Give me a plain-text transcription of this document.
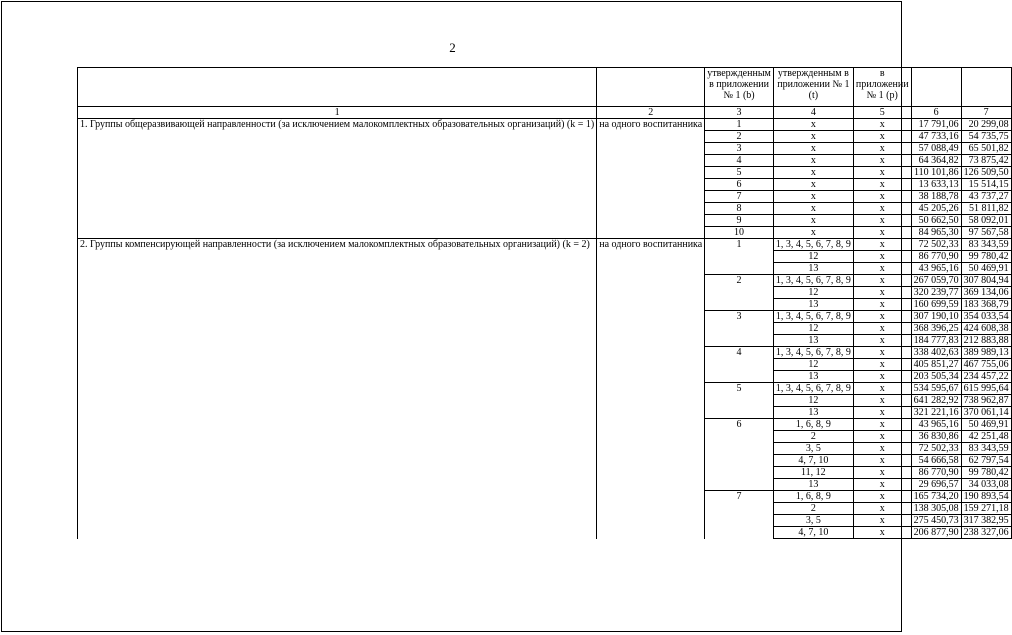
2
		утвержденным в приложении № 1 (b)	утвержденным в приложении № 1 (t)	в приложении № 1 (p)		
1	2	3	4	5	6	7
1. Группы общеразвивающей направленности (за исключением малокомплектных образовательных организаций) (k = 1)	на одного воспитанника	1	x	x	17 791,06	20 299,08
		2	x	x	47 733,16	54 735,75
		3	x	x	57 088,49	65 501,82
		4	x	x	64 364,82	73 875,42
		5	x	x	110 101,86	126 509,50
		6	x	x	13 633,13	15 514,15
		7	x	x	38 188,78	43 737,27
		8	x	x	45 205,26	51 811,82
		9	x	x	50 662,50	58 092,01
		10	x	x	84 965,30	97 567,58
2. Группы компенсирующей направленности (за исключением малокомплектных образовательных организаций) (k = 2)	на одного воспитанника	1	1, 3, 4, 5, 6, 7, 8, 9	x	72 502,33	83 343,59
			12	x	86 770,90	99 780,42
			13	x	43 965,16	50 469,91
		2	1, 3, 4, 5, 6, 7, 8, 9	x	267 059,70	307 804,94
			12	x	320 239,77	369 134,06
			13	x	160 699,59	183 368,79
		3	1, 3, 4, 5, 6, 7, 8, 9	x	307 190,10	354 033,54
			12	x	368 396,25	424 608,38
			13	x	184 777,83	212 883,88
		4	1, 3, 4, 5, 6, 7, 8, 9	x	338 402,63	389 989,13
			12	x	405 851,27	467 755,06
			13	x	203 505,34	234 457,22
		5	1, 3, 4, 5, 6, 7, 8, 9	x	534 595,67	615 995,64
			12	x	641 282,92	738 962,87
			13	x	321 221,16	370 061,14
		6	1, 6, 8, 9	x	43 965,16	50 469,91
			2	x	36 830,86	42 251,48
			3, 5	x	72 502,33	83 343,59
			4, 7, 10	x	54 666,58	62 797,54
			11, 12	x	86 770,90	99 780,42
			13	x	29 696,57	34 033,08
		7	1, 6, 8, 9	x	165 734,20	190 893,54
			2	x	138 305,08	159 271,18
			3, 5	x	275 450,73	317 382,95
			4, 7, 10	x	206 877,90	238 327,06
